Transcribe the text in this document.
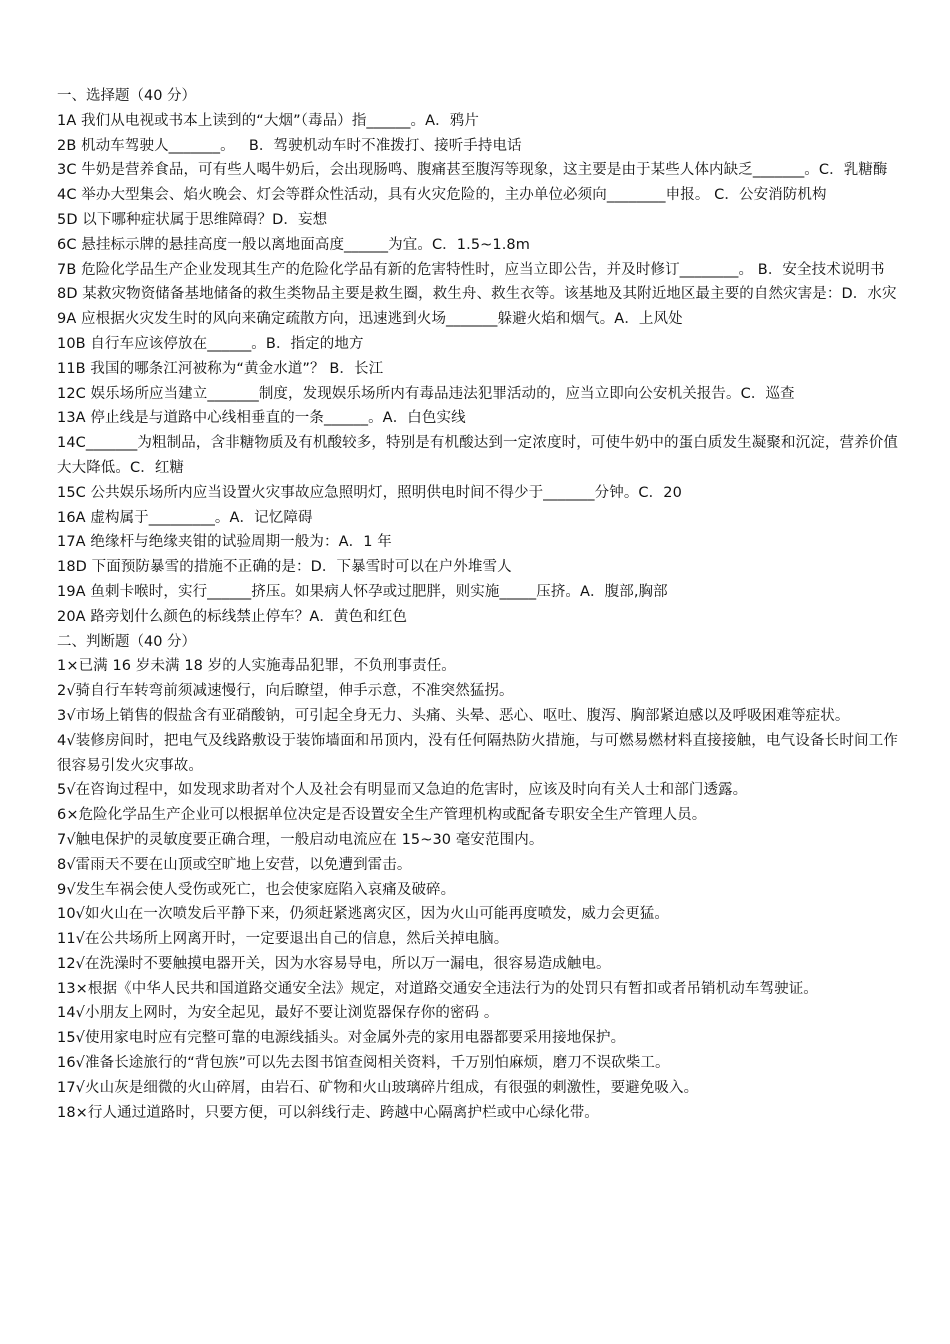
一、选择题（40 分）
1A 我们从电视或书本上读到的“大烟”（毒品）指______。A．鸦片
2B 机动车驾驶人_______。   B．驾驶机动车时不准拨打、接听手持电话
3C 牛奶是营养食品，可有些人喝牛奶后，会出现肠鸣、腹痛甚至腹泻等现象，这主要是由于某些人体内缺乏_______。C．乳糖酶
4C 举办大型集会、焰火晚会、灯会等群众性活动，具有火灾危险的，主办单位必须向________申报。 C．公安消防机构
5D 以下哪种症状属于思维障碍？D．妄想
6C 悬挂标示牌的悬挂高度一般以离地面高度______为宜。C．1.5~1.8m
7B 危险化学品生产企业发现其生产的危险化学品有新的危害特性时，应当立即公告，并及时修订________。 B．安全技术说明书
8D 某救灾物资储备基地储备的救生类物品主要是救生圈，救生舟、救生衣等。该基地及其附近地区最主要的自然灾害是：D．水灾
9A 应根据火灾发生时的风向来确定疏散方向，迅速逃到火场_______躲避火焰和烟气。A．上风处
10B 自行车应该停放在______。B．指定的地方
11B 我国的哪条江河被称为“黄金水道”？ B．长江
12C 娱乐场所应当建立_______制度，发现娱乐场所内有毒品违法犯罪活动的，应当立即向公安机关报告。C．巡查
13A 停止线是与道路中心线相垂直的一条______。A．白色实线
14C_______为粗制品，含非糖物质及有机酸较多，特别是有机酸达到一定浓度时，可使牛奶中的蛋白质发生凝聚和沉淀，营养价值大大降低。C．红糖
15C 公共娱乐场所内应当设置火灾事故应急照明灯，照明供电时间不得少于_______分钟。C．20
16A 虚构属于_________。A．记忆障碍
17A 绝缘杆与绝缘夹钳的试验周期一般为：A．1 年
18D 下面预防暴雪的措施不正确的是：D．下暴雪时可以在户外堆雪人
19A 鱼刺卡喉时，实行______挤压。如果病人怀孕或过肥胖，则实施_____压挤。A．腹部,胸部
20A 路旁划什么颜色的标线禁止停车？A．黄色和红色
二、判断题（40 分）
1×已满 16 岁未满 18 岁的人实施毒品犯罪，不负刑事责任。
2√骑自行车转弯前须减速慢行，向后瞭望，伸手示意，不准突然猛拐。
3√市场上销售的假盐含有亚硝酸钠，可引起全身无力、头痛、头晕、恶心、呕吐、腹泻、胸部紧迫感以及呼吸困难等症状。
4√装修房间时，把电气及线路敷设于装饰墙面和吊顶内，没有任何隔热防火措施，与可燃易燃材料直接接触，电气设备长时间工作很容易引发火灾事故。
5√在咨询过程中，如发现求助者对个人及社会有明显而又急迫的危害时，应该及时向有关人士和部门透露。
6×危险化学品生产企业可以根据单位决定是否设置安全生产管理机构或配备专职安全生产管理人员。
7√触电保护的灵敏度要正确合理，一般启动电流应在 15~30 毫安范围内。
8√雷雨天不要在山顶或空旷地上安营，以免遭到雷击。
9√发生车祸会使人受伤或死亡，也会使家庭陷入哀痛及破碎。
10√如火山在一次喷发后平静下来，仍须赶紧逃离灾区，因为火山可能再度喷发，威力会更猛。
11√在公共场所上网离开时，一定要退出自己的信息，然后关掉电脑。
12√在洗澡时不要触摸电器开关，因为水容易导电，所以万一漏电，很容易造成触电。
13×根据《中华人民共和国道路交通安全法》规定，对道路交通安全违法行为的处罚只有暂扣或者吊销机动车驾驶证。
14√小朋友上网时，为安全起见，最好不要让浏览器保存你的密码 。
15√使用家电时应有完整可靠的电源线插头。对金属外壳的家用电器都要采用接地保护。
16√准备长途旅行的“背包族”可以先去图书馆查阅相关资料，千万别怕麻烦，磨刀不误砍柴工。
17√火山灰是细微的火山碎屑，由岩石、矿物和火山玻璃碎片组成，有很强的刺激性，要避免吸入。
18×行人通过道路时，只要方便，可以斜线行走、跨越中心隔离护栏或中心绿化带。
